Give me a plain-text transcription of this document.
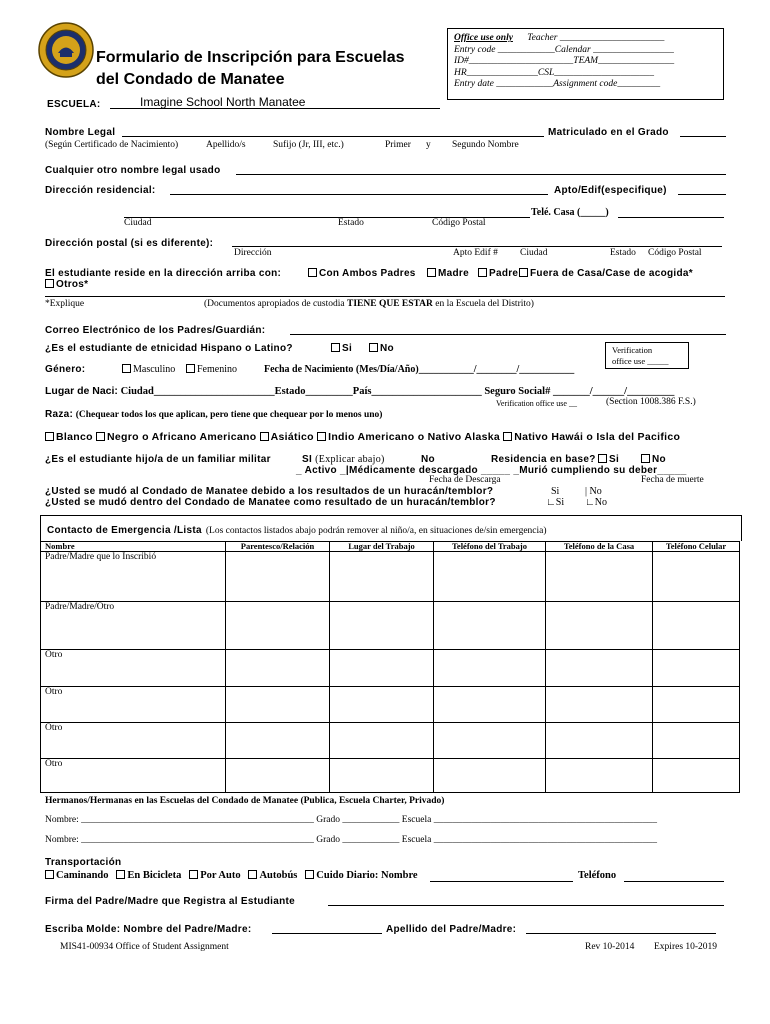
Formulario de Inscripción para Escuelas
del Condado de Manatee
Office use only Teacher ______________________
Entry code ____________Calendar _________________
ID#______________________TEAM________________
HR_______________CSL_____________________
Entry date ____________Assignment code_________
ESCUELA:	Imagine School North Manatee
Nombre Legal	Matriculado en el Grado
(Según Certificado de Nacimiento)	Apellido/s	Sufijo (Jr, III, etc.)	Primer y Segundo Nombre
Cualquier otro nombre legal usado
Dirección residencial:	Apto/Edif(especifique)
Telé. Casa (_____)
Ciudad	Estado	Código Postal
Dirección postal (si es diferente):
Dirección	Apto Edif # Ciudad	Estado Código Postal
El estudiante reside en la dirección arriba con:	Con Ambos Padres	Madre	Padre	Fuera de Casa/Case de acogida*
Otros*
*Explique	(Documentos apropiados de custodia TIENE QUE ESTAR en la Escuela del Distrito)
Correo Electrónico de los Padres/Guardián:
¿Es el estudiante de etnicidad Hispano o Latino?	Si	No	Verification
office use _____
Género:	Masculino	Femenino	Fecha de Nacimiento (Mes/Día/Año)___________/________/___________
Lugar de Naci: Ciudad_______________________Estado_________País_____________________ Seguro Social# _______/______/_________
Verification office use __	(Section 1008.386 F.S.)
Raza: (Chequear todos los que aplican, pero tiene que chequear por lo menos uno)
Blanco Negro o Africano Americano Asiático Indio Americano o Nativo Alaska Nativo Hawái o Isla del Pacifico
¿Es el estudiante hijo/a de un familiar militar	SI (Explicar abajo)	No	Residencia en base?	Si	No
_ Activo _|Médicamente descargado _____ _Murió cumpliendo su deber_____
Fecha de Descarga	Fecha de muerte
¿Usted se mudó al Condado de Manatee debido a los resultados de un huracán/temblor?
¿Usted se mudó dentro del Condado de Manatee como resultado de un huracán/temblor?
Si	| No
∟Si ∟No
Contacto de Emergencia /Lista (Los contactos listados abajo podrán remover al niño/a, en situaciones de/sin emergencia)
Nombre	Parentesco/Relación	Lugar del Trabajo	Teléfono del Trabajo	Teléfono de la Casa	Teléfono Celular
Padre/Madre que lo Inscribió					
Padre/Madre/Otro					
Otro					
Otro					
Otro					
Otro					
Hermanos/Hermanas en las Escuelas del Condado de Manatee (Publica, Escuela Charter, Privado)
Nombre: _________________________________________________ Grado ____________ Escuela _______________________________________________
Nombre: _________________________________________________ Grado ____________ Escuela _______________________________________________
Transportación
Caminando En Bicicleta Por Auto Autobús Cuido Diario: Nombre	Teléfono
Firma del Padre/Madre que Registra al Estudiante
Escriba Molde: Nombre del Padre/Madre:	Apellido del Padre/Madre:
MIS41-00934 Office of Student Assignment	Rev 10-2014 Expires 10-2019
